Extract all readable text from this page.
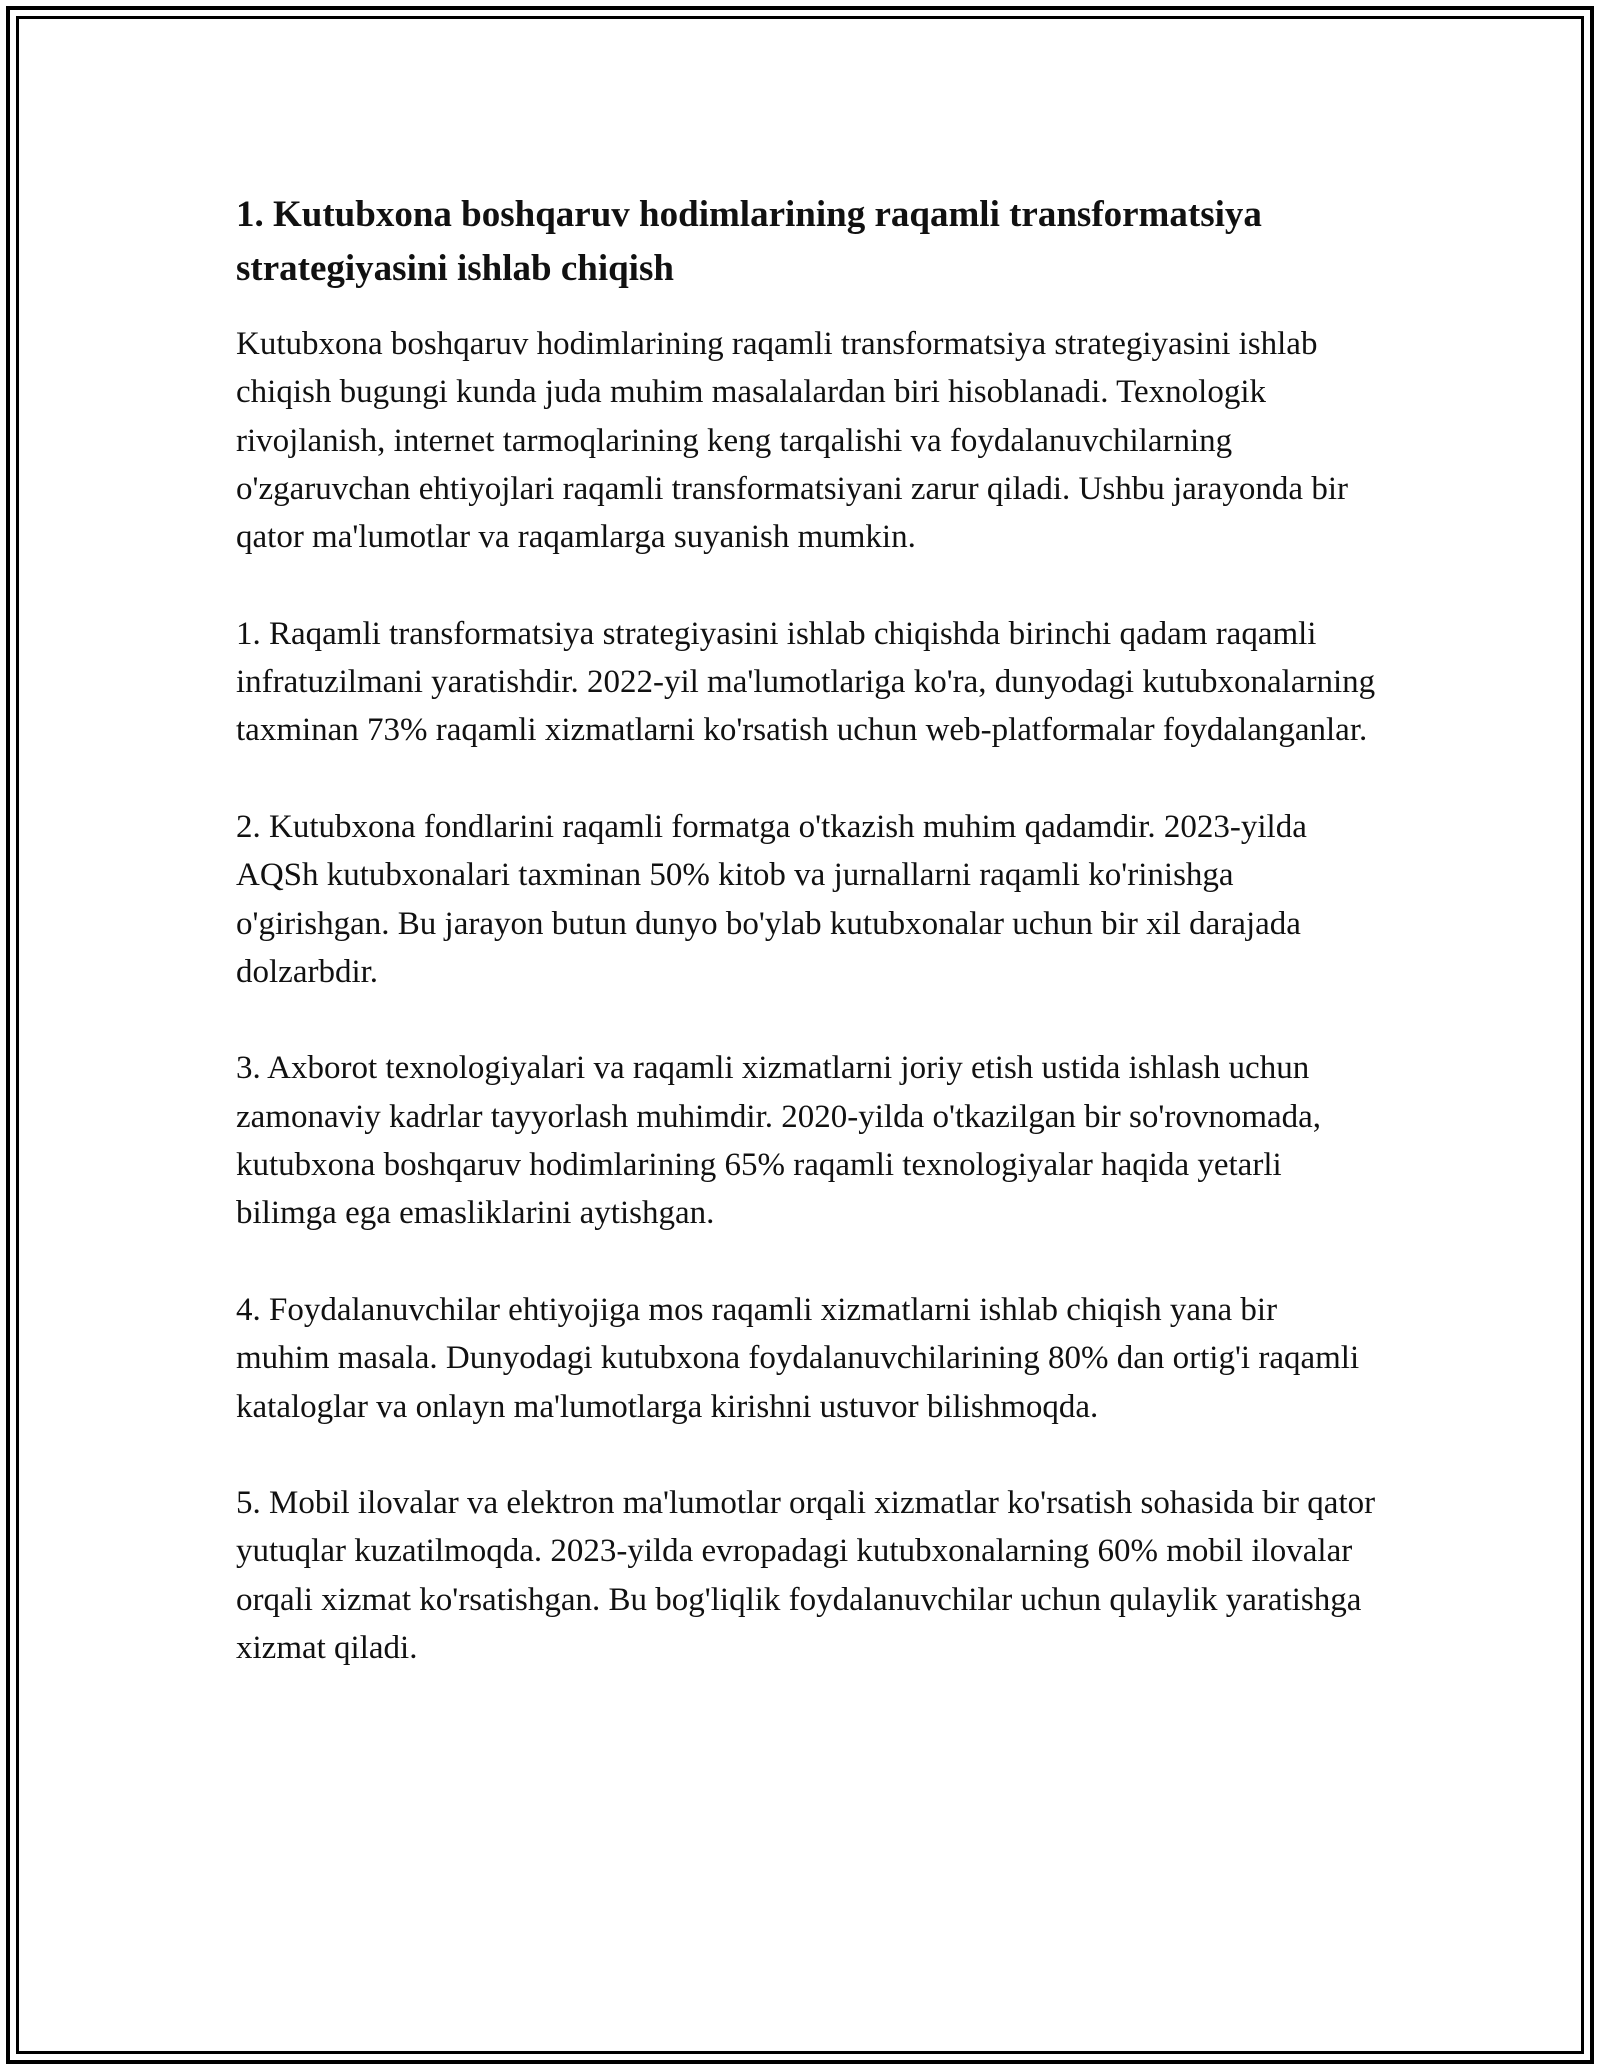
1. Kutubxona boshqaruv hodimlarining raqamli transformatsiya strategiyasini ishlab chiqish

Kutubxona boshqaruv hodimlarining raqamli transformatsiya strategiyasini ishlab chiqish bugungi kunda juda muhim masalalardan biri hisoblanadi. Texnologik rivojlanish, internet tarmoqlarining keng tarqalishi va foydalanuvchilarning o'zgaruvchan ehtiyojlari raqamli transformatsiyani zarur qiladi. Ushbu jarayonda bir qator ma'lumotlar va raqamlarga suyanish mumkin.

1. Raqamli transformatsiya strategiyasini ishlab chiqishda birinchi qadam raqamli infratuzilmani yaratishdir. 2022-yil ma'lumotlariga ko'ra, dunyodagi kutubxonalarning taxminan 73% raqamli xizmatlarni ko'rsatish uchun web-platformalar foydalanganlar.

2. Kutubxona fondlarini raqamli formatga o'tkazish muhim qadamdir. 2023-yilda AQSh kutubxonalari taxminan 50% kitob va jurnallarni raqamli ko'rinishga o'girishgan. Bu jarayon butun dunyo bo'ylab kutubxonalar uchun bir xil darajada dolzarbdir.

3. Axborot texnologiyalari va raqamli xizmatlarni joriy etish ustida ishlash uchun zamonaviy kadrlar tayyorlash muhimdir. 2020-yilda o'tkazilgan bir so'rovnomada, kutubxona boshqaruv hodimlarining 65% raqamli texnologiyalar haqida yetarli bilimga ega emasliklarini aytishgan.

4. Foydalanuvchilar ehtiyojiga mos raqamli xizmatlarni ishlab chiqish yana bir muhim masala. Dunyodagi kutubxona foydalanuvchilarining 80% dan ortig'i raqamli kataloglar va onlayn ma'lumotlarga kirishni ustuvor bilishmoqda.

5. Mobil ilovalar va elektron ma'lumotlar orqali xizmatlar ko'rsatish sohasida bir qator yutuqlar kuzatilmoqda. 2023-yilda evropadagi kutubxonalarning 60% mobil ilovalar orqali xizmat ko'rsatishgan. Bu bog'liqlik foydalanuvchilar uchun qulaylik yaratishga xizmat qiladi.
